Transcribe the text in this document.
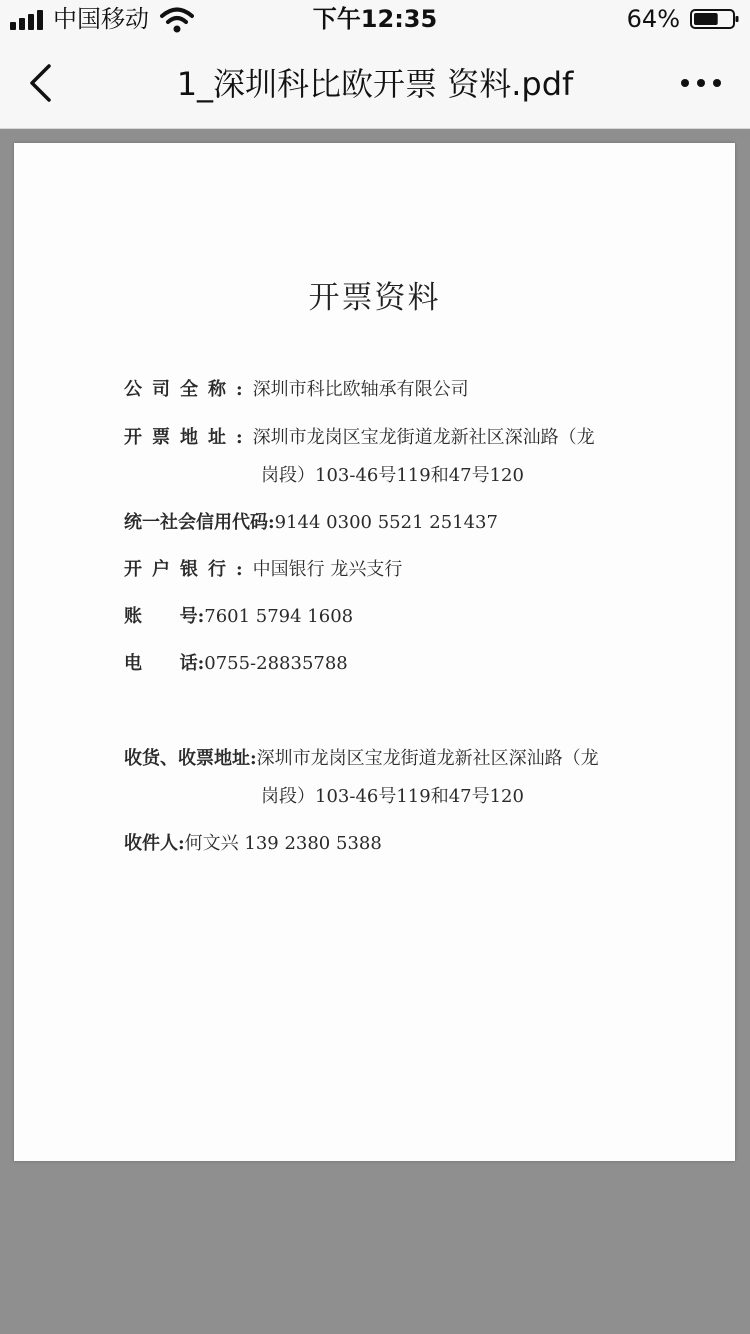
中国移动	下午12:35	64%
1_深圳科比欧开票 资料.pdf
开票资料
公司全称:深圳市科比欧轴承有限公司
开票地址:深圳市龙岗区宝龙街道龙新社区深汕路（龙
岗段）103-46号119和47号120
统一社会信用代码:9144 0300 5521 251437
开户银行:中国银行 龙兴支行
账      号:7601 5794 1608
电      话:0755-28835788
收货、收票地址:深圳市龙岗区宝龙街道龙新社区深汕路（龙
岗段）103-46号119和47号120
收件人:何文兴 139 2380 5388
